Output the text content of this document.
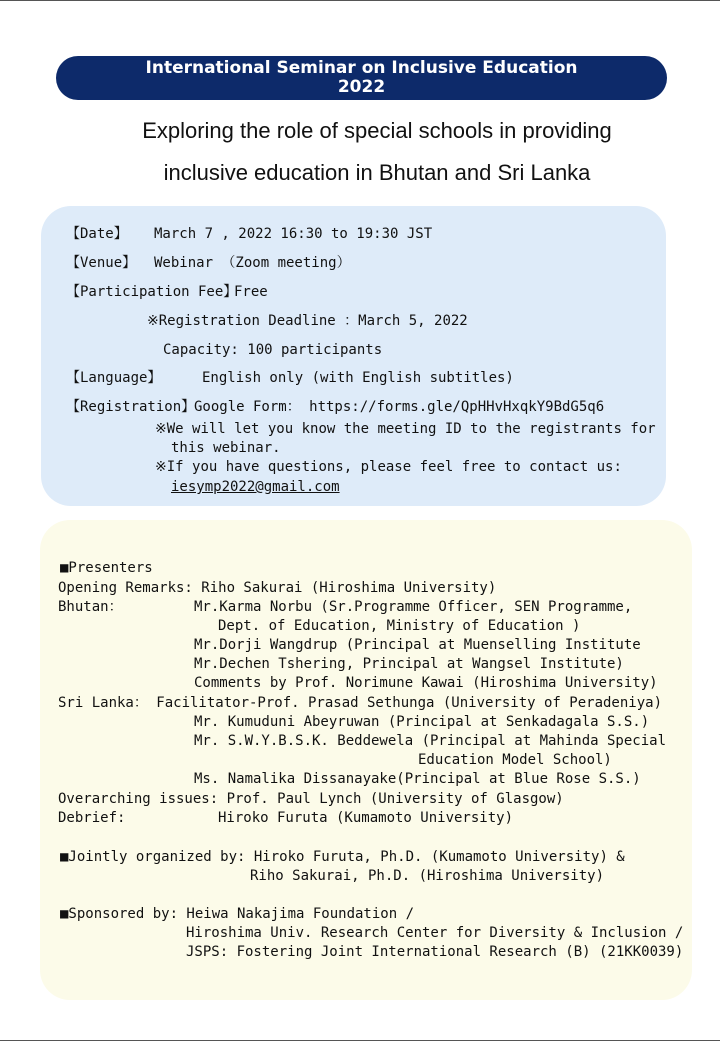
International Seminar on Inclusive Education
2022
Exploring the role of special schools in providing
inclusive education in Bhutan and Sri Lanka
【Date】 March 7 , 2022 16:30 to 19:30 JST
【Venue】 Webinar （Zoom meeting）
【Participation Fee】
Free
※Registration Deadline ：March 5, 2022
Capacity: 100 participants
【Language】	English only (with English subtitles)
【Registration】
Google Form： https://forms.gle/QpHHvHxqkY9BdG5q6
※We will let you know the meeting ID to the registrants for
this webinar.
※If you have questions, please feel free to contact us:
iesymp2022@gmail.com
■Presenters
Opening Remarks: Riho Sakurai (Hiroshima University)
Bhutan：	Mr.Karma Norbu (Sr.Programme Officer, SEN Programme,
Dept. of Education, Ministry of Education )
Mr.Dorji Wangdrup (Principal at Muenselling Institute
Mr.Dechen Tshering, Principal at Wangsel Institute)
Comments by Prof. Norimune Kawai (Hiroshima University)
Sri Lanka： Facilitator-Prof. Prasad Sethunga (University of Peradeniya)
Mr. Kumuduni Abeyruwan (Principal at Senkadagala S.S.)
Mr. S.W.Y.B.S.K. Beddewela (Principal at Mahinda Special
Education Model School)
Ms. Namalika Dissanayake(Principal at Blue Rose S.S.)
Overarching issues: Prof. Paul Lynch (University of Glasgow)
Debrief:	Hiroko Furuta (Kumamoto University)
■Jointly organized by: Hiroko Furuta, Ph.D. (Kumamoto University) &
Riho Sakurai, Ph.D. (Hiroshima University)
■Sponsored by: Heiwa Nakajima Foundation /
Hiroshima Univ. Research Center for Diversity & Inclusion /
JSPS: Fostering Joint International Research (B) (21KK0039)
